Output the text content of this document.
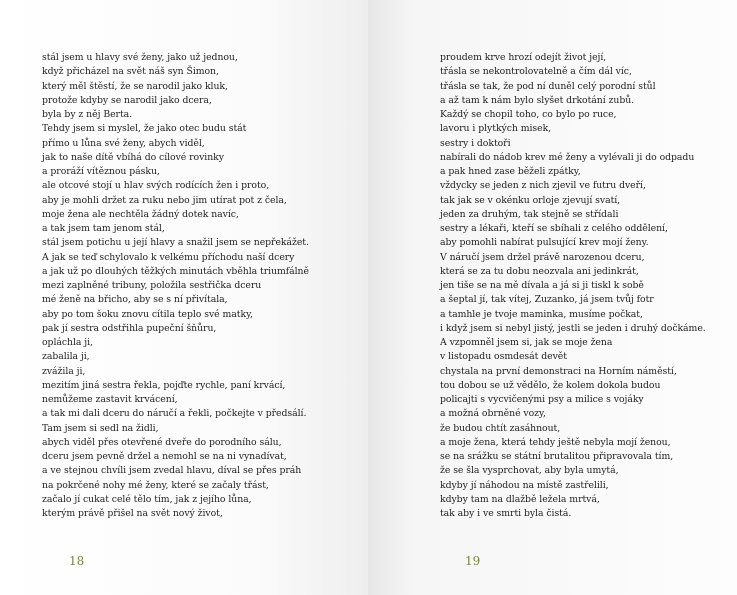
stál jsem u hlavy své ženy, jako už jednou,
když přicházel na svět náš syn Šimon,
který měl štěstí, že se narodil jako kluk,
protože kdyby se narodil jako dcera,
byla by z něj Berta.
Tehdy jsem si myslel, že jako otec budu stát
přímo u lůna své ženy, abych viděl,
jak to naše dítě vbíhá do cílové rovinky
a proráží vítěznou pásku,
ale otcové stojí u hlav svých rodících žen i proto,
aby je mohli držet za ruku nebo jim utírat pot z čela,
moje žena ale nechtěla žádný dotek navíc,
a tak jsem tam jenom stál,
stál jsem potichu u její hlavy a snažil jsem se nepřekážet.
A jak se teď schylovalo k velkému příchodu naší dcery
a jak už po dlouhých těžkých minutách vběhla triumfálně
mezi zaplněné tribuny, položila sestřička dceru
mé ženě na břicho, aby se s ní přivítala,
aby po tom šoku znovu cítila teplo své matky,
pak jí sestra odstřihla pupeční šňůru,
opláchla ji,
zabalila ji,
zvážila ji,
mezitím jiná sestra řekla, pojďte rychle, paní krvácí,
nemůžeme zastavit krvácení,
a tak mi dali dceru do náručí a řekli, počkejte v předsálí.
Tam jsem si sedl na židli,
abych viděl přes otevřené dveře do porodního sálu,
dceru jsem pevně držel a nemohl se na ni vynadívat,
a ve stejnou chvíli jsem zvedal hlavu, díval se přes práh
na pokrčené nohy mé ženy, které se začaly třást,
začalo jí cukat celé tělo tím, jak z jejího lůna,
kterým právě přišel na svět nový život,
18
proudem krve hrozí odejít život její,
třásla se nekontrolovatelně a čím dál víc,
třásla se tak, že pod ní duněl celý porodní stůl
a až tam k nám bylo slyšet drkotání zubů.
Každý se chopil toho, co bylo po ruce,
lavoru i plytkých misek,
sestry i doktoři
nabírali do nádob krev mé ženy a vylévali ji do odpadu
a pak hned zase běželi zpátky,
vždycky se jeden z nich zjevil ve futru dveří,
tak jak se v okénku orloje zjevují svatí,
jeden za druhým, tak stejně se střídali
sestry a lékaři, kteří se sbíhali z celého oddělení,
aby pomohli nabírat pulsující krev mojí ženy.
V náručí jsem držel právě narozenou dceru,
která se za tu dobu neozvala ani jedinkrát,
jen tiše se na mě dívala a já si ji tiskl k sobě
a šeptal jí, tak vítej, Zuzanko, já jsem tvůj fotr
a tamhle je tvoje maminka, musíme počkat,
i když jsem si nebyl jistý, jestli se jeden i druhý dočkáme.
A vzpomněl jsem si, jak se moje žena
v listopadu osmdesát devět
chystala na první demonstraci na Horním náměstí,
tou dobou se už vědělo, že kolem dokola budou
policajti s vycvičenými psy a milice s vojáky
a možná obrněné vozy,
že budou chtít zasáhnout,
a moje žena, která tehdy ještě nebyla mojí ženou,
se na srážku se státní brutalitou připravovala tím,
že se šla vysprchovat, aby byla umytá,
kdyby jí náhodou na místě zastřelili,
kdyby tam na dlažbě ležela mrtvá,
tak aby i ve smrti byla čistá.
19
